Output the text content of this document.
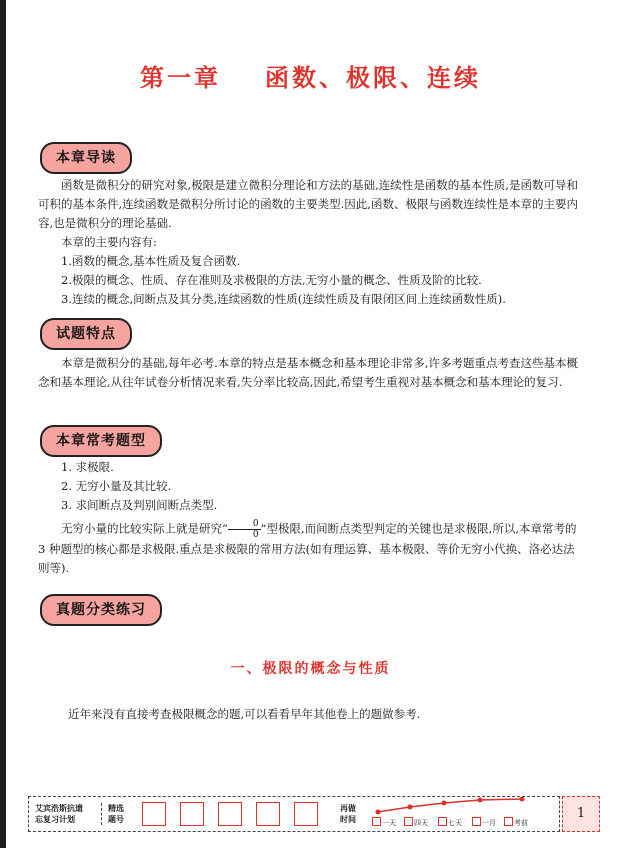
第一章 函数、极限、连续
本章导读

函数是微积分的研究对象,极限是建立微积分理论和方法的基础,连续性是函数的基本性质,是函数可导和可积的基本条件,连续函数是微积分所讨论的函数的主要类型.因此,函数、极限与函数连续性是本章的主要内容,也是微积分的理论基础.

本章的主要内容有:

1.函数的概念,基本性质及复合函数.

2.极限的概念、性质、存在准则及求极限的方法,无穷小量的概念、性质及阶的比较.

3.连续的概念,间断点及其分类,连续函数的性质(连续性质及有限闭区间上连续函数性质).

试题特点

本章是微积分的基础,每年必考.本章的特点是基本概念和基本理论非常多,许多考题重点考查这些基本概念和基本理论,从往年试卷分析情况来看,失分率比较高,因此,希望考生重视对基本概念和基本理论的复习.

本章常考题型

1. 求极限.

2. 无穷小量及其比较.

3. 求间断点及判别间断点类型.

无穷小量的比较实际上就是研究“ $\frac{0}{0}$ ”型极限,而间断点类型判定的关键也是求极限,所以,本章常考的 3 种题型的核心都是求极限.重点是求极限的常用方法(如有理运算、基本极限、等价无穷小代换、洛必达法则等).

真题分类练习
一、极限的概念与性质
近年来没有直接考查极限概念的题,可以看看早年其他卷上的题做参考.
艾宾浩斯抗遗
忘复习计划
精选
题号
再做
时间	一天	四天	七天	一月	考前
1
